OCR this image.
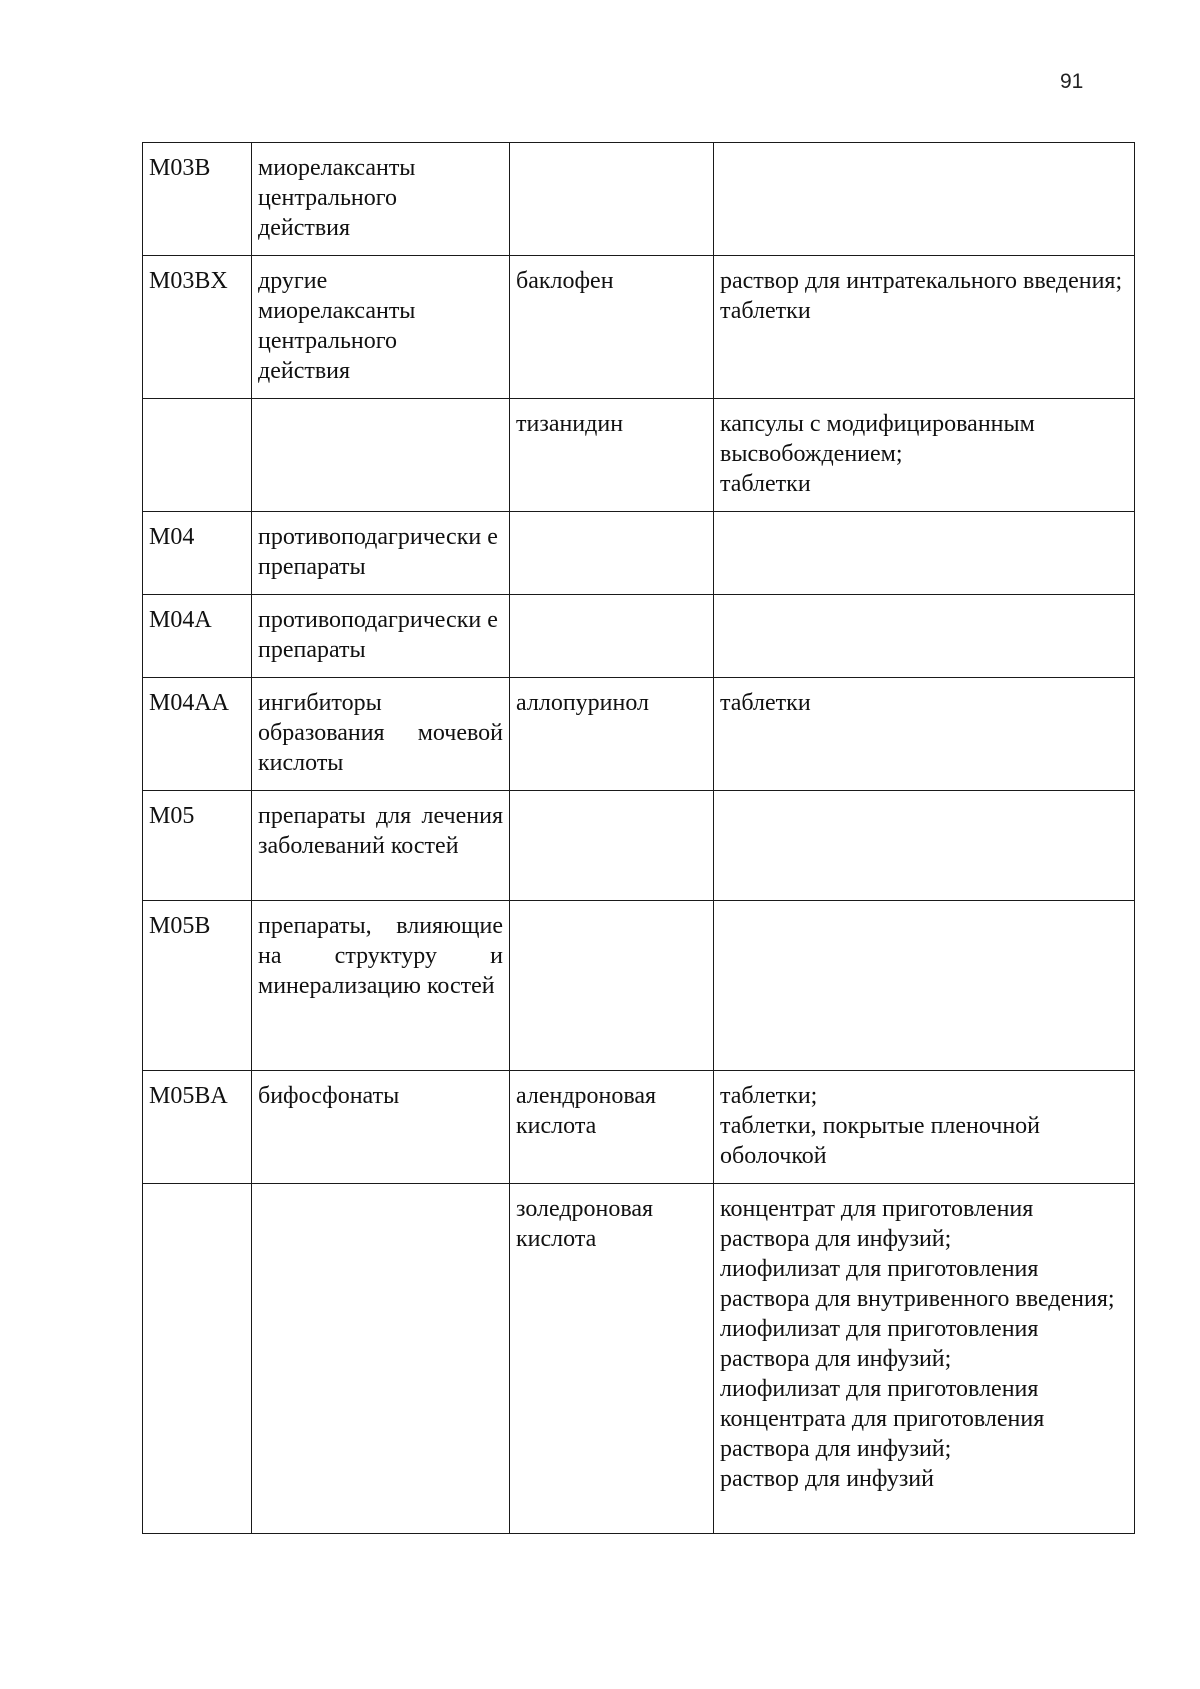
91
M03B	миорелаксанты центрального действия		
M03BX	другие миорелаксанты центрального действия	баклофен	раствор для интратекального введения;
таблетки
		тизанидин	капсулы с модифицированным высвобождением;
таблетки
M04	противоподагрически е препараты		
M04A	противоподагрически е препараты		
M04AA	ингибиторы образования мочевой кислоты	аллопуринол	таблетки
M05	препараты для лечения заболеваний костей		
M05B	препараты, влияющие на структуру и минерализацию костей		
M05BA	бифосфонаты	алендроновая кислота	таблетки;
таблетки, покрытые пленочной оболочкой
		золедроновая кислота	концентрат для приготовления раствора для инфузий;
лиофилизат для приготовления раствора для внутривенного введения;
лиофилизат для приготовления раствора для инфузий;
лиофилизат для приготовления концентрата для приготовления раствора для инфузий;
раствор для инфузий
